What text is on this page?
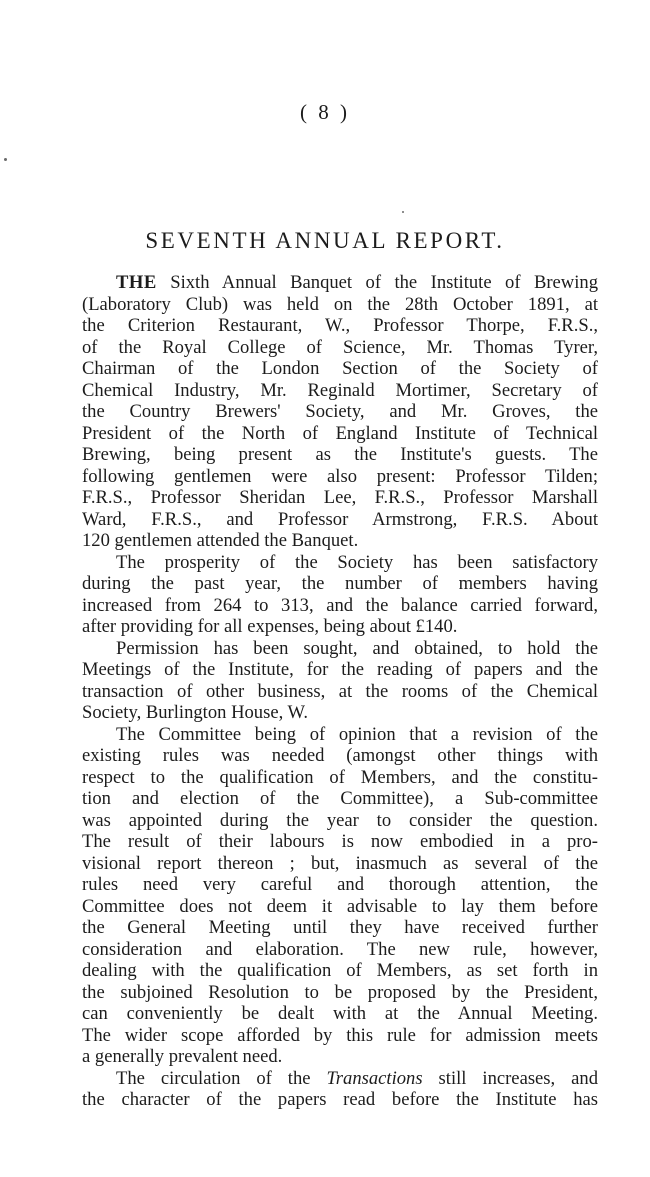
( 8 )
SEVENTH ANNUAL REPORT.
THE Sixth Annual Banquet of the Institute of Brewing
(Laboratory Club) was held on the 28th October 1891, at
the Criterion Restaurant, W., Professor Thorpe, F.R.S.,
of the Royal College of Science, Mr. Thomas Tyrer,
Chairman of the London Section of the Society of
Chemical Industry, Mr. Reginald Mortimer, Secretary of
the Country Brewers' Society, and Mr. Groves, the
President of the North of England Institute of Technical
Brewing, being present as the Institute's guests. The
following gentlemen were also present: Professor Tilden;
F.R.S., Professor Sheridan Lee, F.R.S., Professor Marshall
Ward, F.R.S., and Professor Armstrong, F.R.S. About
120 gentlemen attended the Banquet.
The prosperity of the Society has been satisfactory
during the past year, the number of members having
increased from 264 to 313, and the balance carried forward,
after providing for all expenses, being about £140.
Permission has been sought, and obtained, to hold the
Meetings of the Institute, for the reading of papers and the
transaction of other business, at the rooms of the Chemical
Society, Burlington House, W.
The Committee being of opinion that a revision of the
existing rules was needed (amongst other things with
respect to the qualification of Members, and the constitu-
tion and election of the Committee), a Sub-committee
was appointed during the year to consider the question.
The result of their labours is now embodied in a pro-
visional report thereon ; but, inasmuch as several of the
rules need very careful and thorough attention, the
Committee does not deem it advisable to lay them before
the General Meeting until they have received further
consideration and elaboration. The new rule, however,
dealing with the qualification of Members, as set forth in
the subjoined Resolution to be proposed by the President,
can conveniently be dealt with at the Annual Meeting.
The wider scope afforded by this rule for admission meets
a generally prevalent need.
The circulation of the Transactions still increases, and
the character of the papers read before the Institute has
